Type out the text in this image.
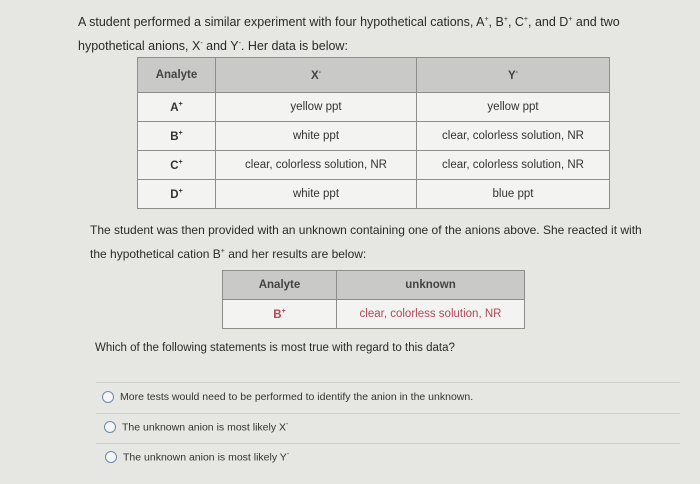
A student performed a similar experiment with four hypothetical cations, A+, B+, C+, and D+ and two
hypothetical anions, X- and Y-. Her data is below:
Analyte	X-	Y-
A+	yellow ppt	yellow ppt
B+	white ppt	clear, colorless solution, NR
C+	clear, colorless solution, NR	clear, colorless solution, NR
D+	white ppt	blue ppt
The student was then provided with an unknown containing one of the anions above. She reacted it with
the hypothetical cation B+ and her results are below:
Analyte	unknown
B+	clear, colorless solution, NR
Which of the following statements is most true with regard to this data?
More tests would need to be performed to identify the anion in the unknown.
The unknown anion is most likely X-
The unknown anion is most likely Y-
